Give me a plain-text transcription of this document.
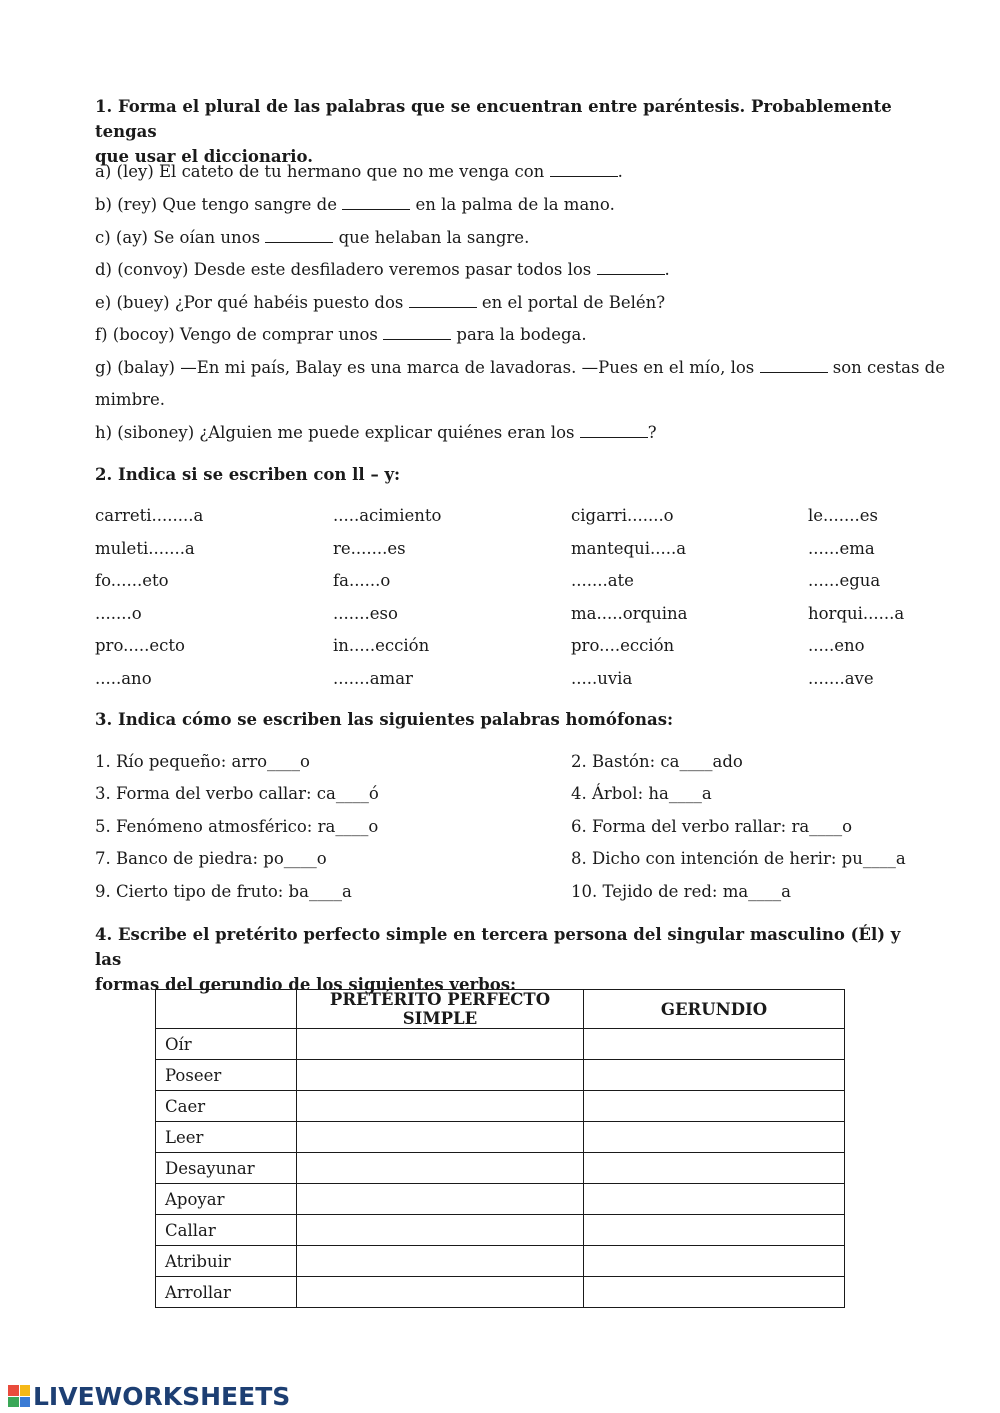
1. Forma el plural de las palabras que se encuentran entre paréntesis. Probablemente tengas
que usar el diccionario.
a) (ley) El cateto de tu hermano que no me venga con	.
b) (rey) Que tengo sangre de	en la palma de la mano.
c) (ay) Se oían unos	que helaban la sangre.
d) (convoy) Desde este desfiladero veremos pasar todos los	.
e) (buey) ¿Por qué habéis puesto dos	en el portal de Belén?
f) (bocoy) Vengo de comprar unos	para la bodega.
g) (balay) —En mi país, Balay es una marca de lavadoras. —Pues en el mío, los	son cestas de
mimbre.
h) (siboney) ¿Alguien me puede explicar quiénes eran los	?
2. Indica si se escriben con ll – y:
carreti........a	.....acimiento	cigarri.......o	le.......es
muleti.......a	re.......es	mantequi.....a	......ema
fo......eto	fa......o	.......ate	......egua
.......o	.......eso	ma.....orquina	horqui......a
pro.....ecto	in.....ección	pro....ección	.....eno
.....ano	.......amar	.....uvia	.......ave
3. Indica cómo se escriben las siguientes palabras homófonas:
1. Río pequeño: arro____o
3. Forma del verbo callar: ca____ó
5. Fenómeno atmosférico: ra____o
7. Banco de piedra: po____o
9. Cierto tipo de fruto: ba____a
2. Bastón: ca____ado
4. Árbol: ha____a
6. Forma del verbo rallar: ra____o
8. Dicho con intención de herir: pu____a
10. Tejido de red: ma____a
4. Escribe el pretérito perfecto simple en tercera persona del singular masculino (Él) y las
formas del gerundio de los siguientes verbos:
	PRETÉRITO PERFECTO SIMPLE	GERUNDIO
Oír		
Poseer		
Caer		
Leer		
Desayunar		
Apoyar		
Callar		
Atribuir		
Arrollar		
LIVEWORKSHEETS
